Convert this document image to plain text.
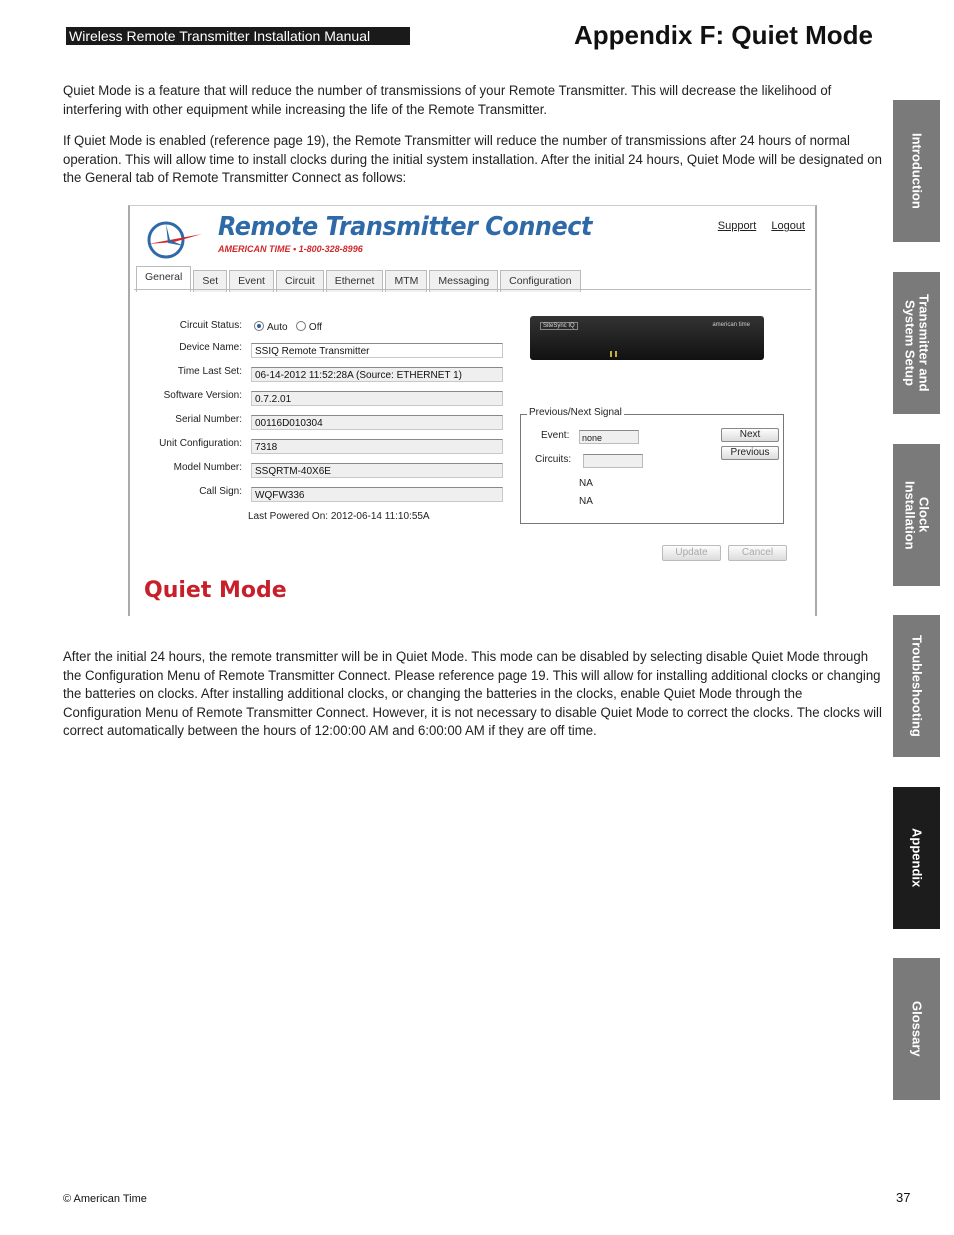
Wireless Remote Transmitter Installation Manual	Appendix F: Quiet Mode
Quiet Mode is a feature that will reduce the number of transmissions of your Remote Transmitter. This will decrease the likelihood of interfering with other equipment while increasing the life of the Remote Transmitter.
If Quiet Mode is enabled (reference page 19), the Remote Transmitter will reduce the number of transmissions after 24 hours of normal operation. This will allow time to install clocks during the initial system installation. After the initial 24 hours, Quiet Mode will be designated on the General tab of Remote Transmitter Connect as follows:
Remote Transmitter Connect
AMERICAN TIME • 1-800-328-8996
Support Logout
General	Set	Event	Circuit	Ethernet	MTM	Messaging	Configuration
Circuit Status:	Auto Off
Device Name:	SSIQ Remote Transmitter
Time Last Set:	06-14-2012 11:52:28A (Source: ETHERNET 1)
Software Version:	0.7.2.01
Serial Number:	00116D010304
Unit Configuration:	7318
Model Number:	SSQRTM-40X6E
Call Sign:	WQFW336
Last Powered On: 2012-06-14 11:10:55A
SiteSync IQ	american time
Previous/Next Signal
Event:	none
Circuits:
NA
NA
Next
Previous
Update	Cancel
Quiet Mode
After the initial 24 hours, the remote transmitter will be in Quiet Mode. This mode can be disabled by selecting disable Quiet Mode through the Configuration Menu of Remote Transmitter Connect. Please reference page 19. This will allow for installing additional clocks or changing the batteries on clocks. After installing additional clocks, or changing the batteries in the clocks, enable Quiet Mode through the Configuration Menu of Remote Transmitter Connect. However, it is not necessary to disable Quiet Mode to correct the clocks. The clocks will correct automatically between the hours of 12:00:00 AM and 6:00:00 AM if they are off time.
Introduction
Transmitter and
System Setup
Clock
Installation
Troubleshooting
Appendix
Glossary
© American Time	37
